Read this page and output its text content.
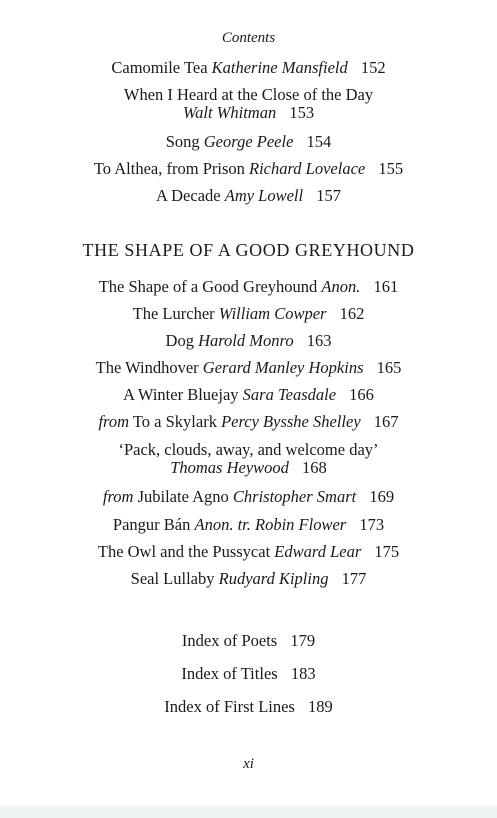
Contents
Camomile Tea Katherine Mansfield 152
When I Heard at the Close of the Day
Walt Whitman 153
Song George Peele 154
To Althea, from Prison Richard Lovelace 155
A Decade Amy Lowell 157
THE SHAPE OF A GOOD GREYHOUND
The Shape of a Good Greyhound Anon. 161
The Lurcher William Cowper 162
Dog Harold Monro 163
The Windhover Gerard Manley Hopkins 165
A Winter Bluejay Sara Teasdale 166
from To a Skylark Percy Bysshe Shelley 167
‘Pack, clouds, away, and welcome day’
Thomas Heywood 168
from Jubilate Agno Christopher Smart 169
Pangur Bán Anon. tr. Robin Flower 173
The Owl and the Pussycat Edward Lear 175
Seal Lullaby Rudyard Kipling 177
Index of Poets 179
Index of Titles 183
Index of First Lines 189
xi
